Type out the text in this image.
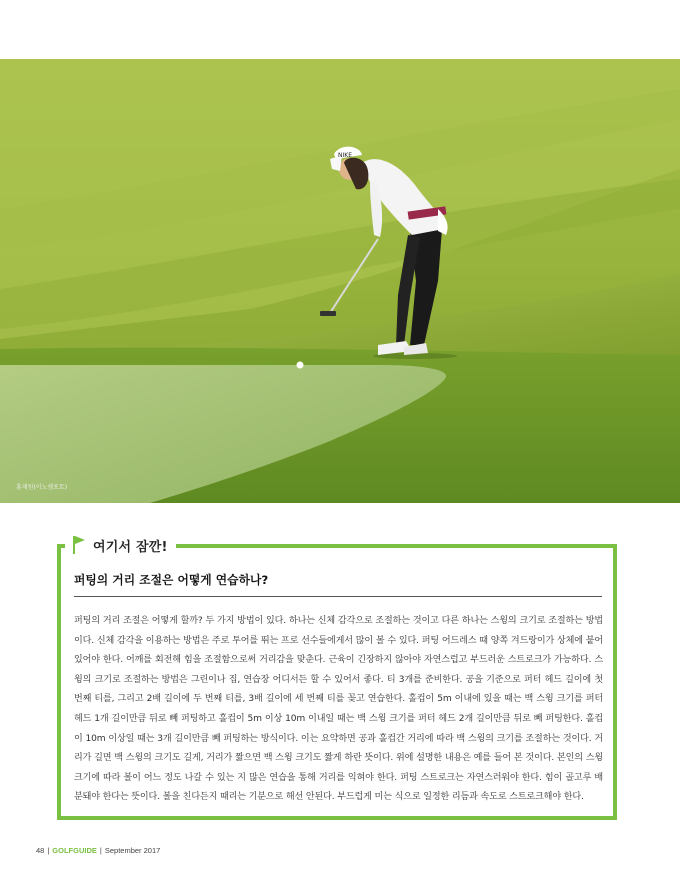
NIKE
홍재원(이노엠포토)
여기서 잠깐!
퍼팅의 거리 조절은 어떻게 연습하나?

퍼팅의 거리 조절은 어떻게 할까? 두 가지 방법이 있다. 하나는 신체 감각으로 조절하는 것이고 다른 하나는 스윙의 크기로 조절하는 방법이다. 신체 감각을 이용하는 방법은 주로 투어를 뛰는 프로 선수들에게서 많이 볼 수 있다. 퍼팅 어드레스 때 양쪽 겨드랑이가 상체에 붙어 있어야 한다. 어깨를 회전해 힘을 조절함으로써 거리감을 맞춘다. 근육이 긴장하지 않아야 자연스럽고 부드러운 스트로크가 가능하다. 스윙의 크기로 조절하는 방법은 그린이나 집, 연습장 어디서든 할 수 있어서 좋다. 티 3개를 준비한다. 공을 기준으로 퍼터 헤드 길이에 첫 번째 티를, 그리고 2배 길이에 두 번째 티를, 3배 길이에 세 번째 티를 꽂고 연습한다. 홀컵이 5m 이내에 있을 때는 백 스윙 크기를 퍼터 헤드 1개 길이만큼 뒤로 빼 퍼팅하고 홀컵이 5m 이상 10m 이내일 때는 백 스윙 크기를 퍼터 헤드 2개 길이만큼 뒤로 빼 퍼팅한다. 홀컵이 10m 이상일 때는 3개 길이만큼 빼 퍼팅하는 방식이다. 이는 요약하면 공과 홀컵간 거리에 따라 백 스윙의 크기를 조절하는 것이다. 거리가 길면 백 스윙의 크기도 길게, 거리가 짧으면 백 스윙 크기도 짧게 하란 뜻이다. 위에 설명한 내용은 예를 들어 본 것이다. 본인의 스윙 크기에 따라 볼이 어느 정도 나갈 수 있는 지 많은 연습을 통해 거리를 익혀야 한다. 퍼팅 스트로크는 자연스러워야 한다. 힘이 골고루 배분돼야 한다는 뜻이다. 볼을 친다든지 때리는 기분으로 해선 안된다. 부드럽게 미는 식으로 일정한 리듬과 속도로 스트로크해야 한다.

48 | GOLFGUIDE | September 2017
